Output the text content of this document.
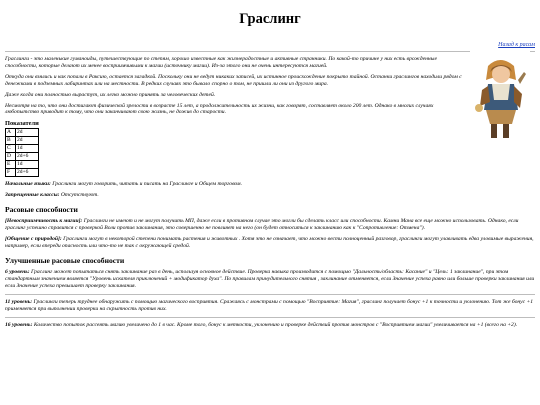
Граслинг
Назад к расам

Граслинги - это маленькие гуманоиды, путешествующие по степям, хорошо известные как жизнерадостные и активные странники. По какой-то причине у них есть врожденные способности, которые делают их менее восприимчивыми к магии (источнику магии). Из-за этого они не очень интересуются магией.

Откуда они взялись и как попали в Раксию, остается загадкой. Поскольку они не ведут никаких записей, их истинное происхождение покрыто тайной. Останки граслингов находили рядом с денежками в подземных лабиринтах или на местности. В редких случаях это бывало спорно о том, не пришли ли они из другого мира.

Даже когда они полностью вырастут, их легко можно принять за человеческих детей.

Несмотря на то, что они достигают физической зрелости в возрасте 15 лет, а продолжительность их жизни, как говорят, составляет около 200 лет. Однако в многих случаях любопытство приводит к тому, что они заканчивают свою жизнь, не дожив до старости.

Показатели
A	2d
B	2d
C	1d
D	2d+6
E	1d
F	2d+6
Начальные языки: Граслинги могут говорить, читать и писать на Граслинге и Общем торговом.
Запрещенные классы: Отсутствуют.
Расовые способности

[Невосприимчивость к магии]: Граслинги не имеют и не могут получить МП, даже если в противном случае это могли бы сделать класс или способности. Камни Мана все еще можно использовать. Однако, если граслинг успешно справится с проверкой Воли против заклинания, это совершенно не повлияет на него (он будет относиться к заклинанию как к "Сопротивление: Отмена").

[Общение с природой]: Граслинги могут в некоторой степени понимать растения и животных . Хотя это не означает, что можно вести полноценный разговор, граслинги могут улавливать едва уловимые выражения, например, если впереди опасность или что-то не так с окружающей средой.

Улучшенные расовые способности

6 уровень: Граслинг может попытаться снять заклинание раз в день, используя основное действие. Проверка навыка производится с помощью "Дальность/область: Касание" и "Цель: 1 заклинание", при этом стандартным значением является "Уровень искателя приключений + модификатор духа". По правилам принудительного снятия , заклинание отменяется, если Значение успеха равно или больше проверки заклинания или если Значение успеха превышает проверку заклинания.

11 уровень: Граслинги теперь труднее обнаружить с помощью магического восприятия. Сражаясь с монстрами с помощью "Восприятие: Магия", граслинг получает бонус +1 к точности и уклонению. Тот же бонус +1 применяется при выполнении проверки на скрытность против них.

16 уровень: Количество попыток рассеять магию увеличено до 1 в час. Кроме того, бонус к меткости, уклонению и проверке действий против монстров с "Восприятием магии" увеличивается на +1 (всего на +2).
